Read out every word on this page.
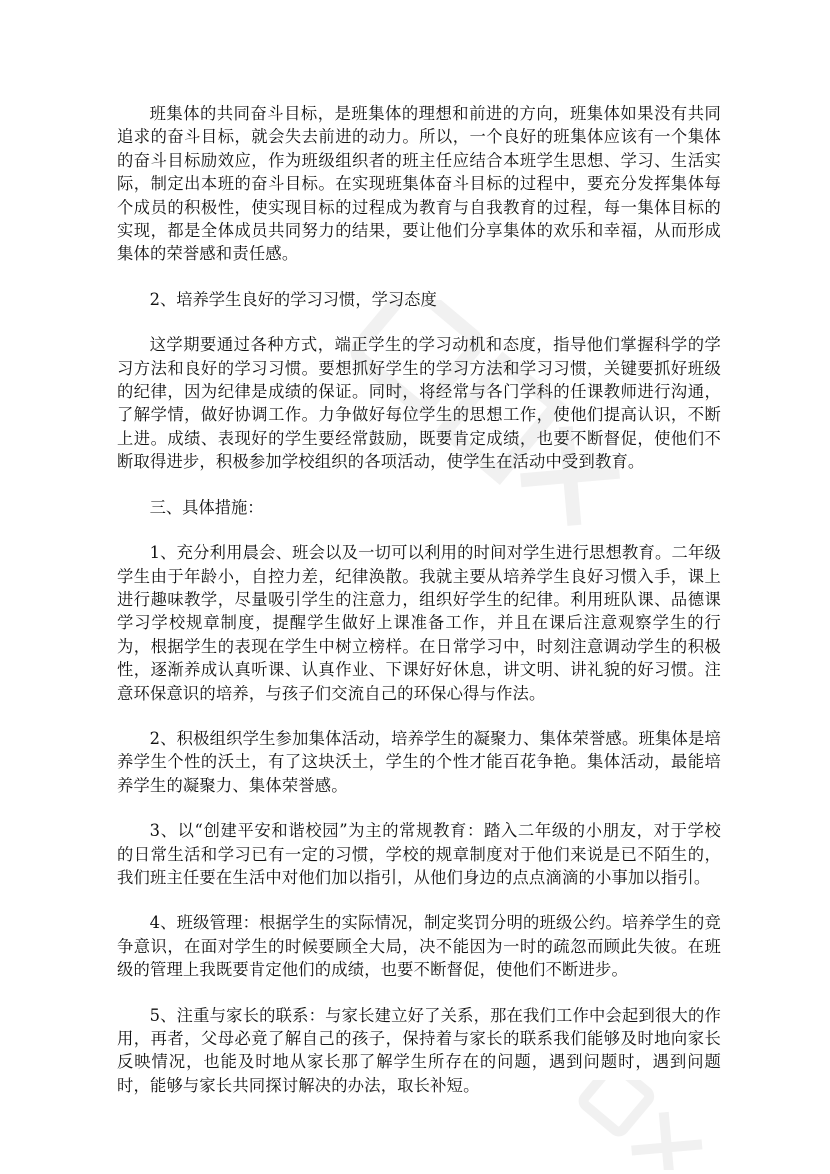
班集体的共同奋斗目标，是班集体的理想和前进的方向，班集体如果没有共同追求的奋斗目标，就会失去前进的动力。所以，一个良好的班集体应该有一个集体的奋斗目标励效应，作为班级组织者的班主任应结合本班学生思想、学习、生活实际，制定出本班的奋斗目标。在实现班集体奋斗目标的过程中，要充分发挥集体每个成员的积极性，使实现目标的过程成为教育与自我教育的过程，每一集体目标的实现，都是全体成员共同努力的结果，要让他们分享集体的欢乐和幸福，从而形成集体的荣誉感和责任感。

2、培养学生良好的学习习惯，学习态度

这学期要通过各种方式，端正学生的学习动机和态度，指导他们掌握科学的学习方法和良好的学习习惯。要想抓好学生的学习方法和学习习惯，关键要抓好班级的纪律，因为纪律是成绩的保证。同时，将经常与各门学科的任课教师进行沟通，了解学情，做好协调工作。力争做好每位学生的思想工作，使他们提高认识，不断上进。成绩、表现好的学生要经常鼓励，既要肯定成绩，也要不断督促，使他们不断取得进步，积极参加学校组织的各项活动，使学生在活动中受到教育。

三、具体措施：

1、充分利用晨会、班会以及一切可以利用的时间对学生进行思想教育。二年级学生由于年龄小，自控力差，纪律涣散。我就主要从培养学生良好习惯入手，课上进行趣味教学，尽量吸引学生的注意力，组织好学生的纪律。利用班队课、品德课学习学校规章制度，提醒学生做好上课准备工作，并且在课后注意观察学生的行为，根据学生的表现在学生中树立榜样。在日常学习中，时刻注意调动学生的积极性，逐渐养成认真听课、认真作业、下课好好休息，讲文明、讲礼貌的好习惯。注意环保意识的培养，与孩子们交流自己的环保心得与作法。

2、积极组织学生参加集体活动，培养学生的凝聚力、集体荣誉感。班集体是培养学生个性的沃土，有了这块沃土，学生的个性才能百花争艳。集体活动，最能培养学生的凝聚力、集体荣誉感。

3、以“创建平安和谐校园”为主的常规教育：踏入二年级的小朋友，对于学校的日常生活和学习已有一定的习惯，学校的规章制度对于他们来说是已不陌生的，我们班主任要在生活中对他们加以指引，从他们身边的点点滴滴的小事加以指引。

4、班级管理：根据学生的实际情况，制定奖罚分明的班级公约。培养学生的竞争意识，在面对学生的时候要顾全大局，决不能因为一时的疏忽而顾此失彼。在班级的管理上我既要肯定他们的成绩，也要不断督促，使他们不断进步。

5、注重与家长的联系：与家长建立好了关系，那在我们工作中会起到很大的作用，再者，父母必竟了解自己的孩子，保持着与家长的联系我们能够及时地向家长反映情况，也能及时地从家长那了解学生所存在的问题，遇到问题时，遇到问题时，能够与家长共同探讨解决的办法，取长补短。
